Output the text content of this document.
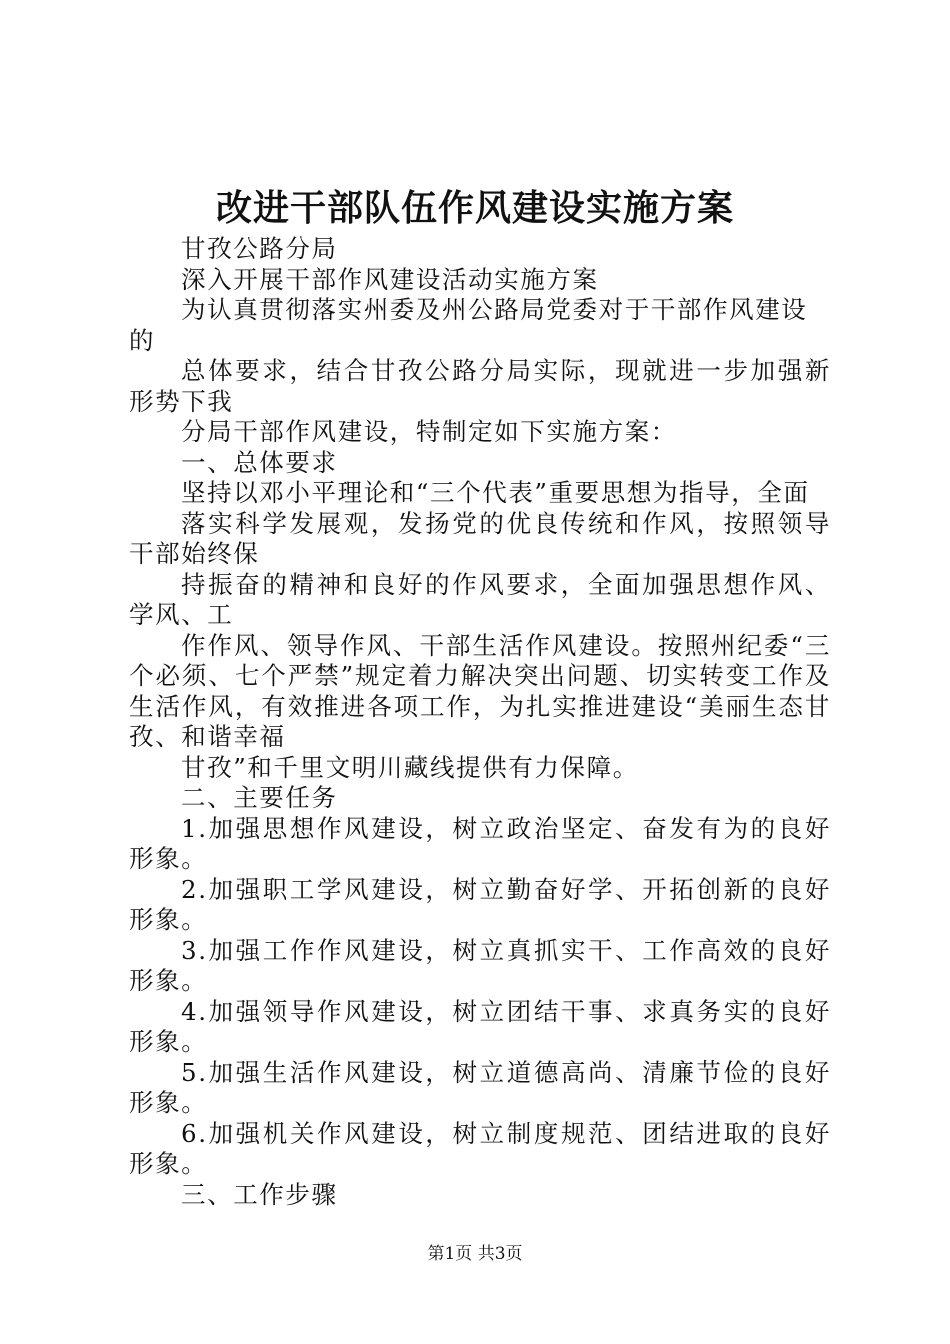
改进干部队伍作风建设实施方案

甘孜公路分局

深入开展干部作风建设活动实施方案

为认真贯彻落实州委及州公路局党委对于干部作风建设的

总体要求，结合甘孜公路分局实际，现就进一步加强新形势下我

分局干部作风建设，特制定如下实施方案：

一、总体要求

坚持以邓小平理论和“三个代表”重要思想为指导，全面

落实科学发展观，发扬党的优良传统和作风，按照领导干部始终保

持振奋的精神和良好的作风要求，全面加强思想作风、学风、工

作作风、领导作风、干部生活作风建设。按照州纪委“三个必须、七个严禁”规定着力解决突出问题、切实转变工作及生活作风，有效推进各项工作，为扎实推进建设“美丽生态甘孜、和谐幸福

甘孜”和千里文明川藏线提供有力保障。

二、主要任务

1.加强思想作风建设，树立政治坚定、奋发有为的良好形象。

2.加强职工学风建设，树立勤奋好学、开拓创新的良好形象。

3.加强工作作风建设，树立真抓实干、工作高效的良好形象。

4.加强领导作风建设，树立团结干事、求真务实的良好形象。

5.加强生活作风建设，树立道德高尚、清廉节俭的良好形象。

6.加强机关作风建设，树立制度规范、团结进取的良好形象。

三、工作步骤

第1页 共3页
